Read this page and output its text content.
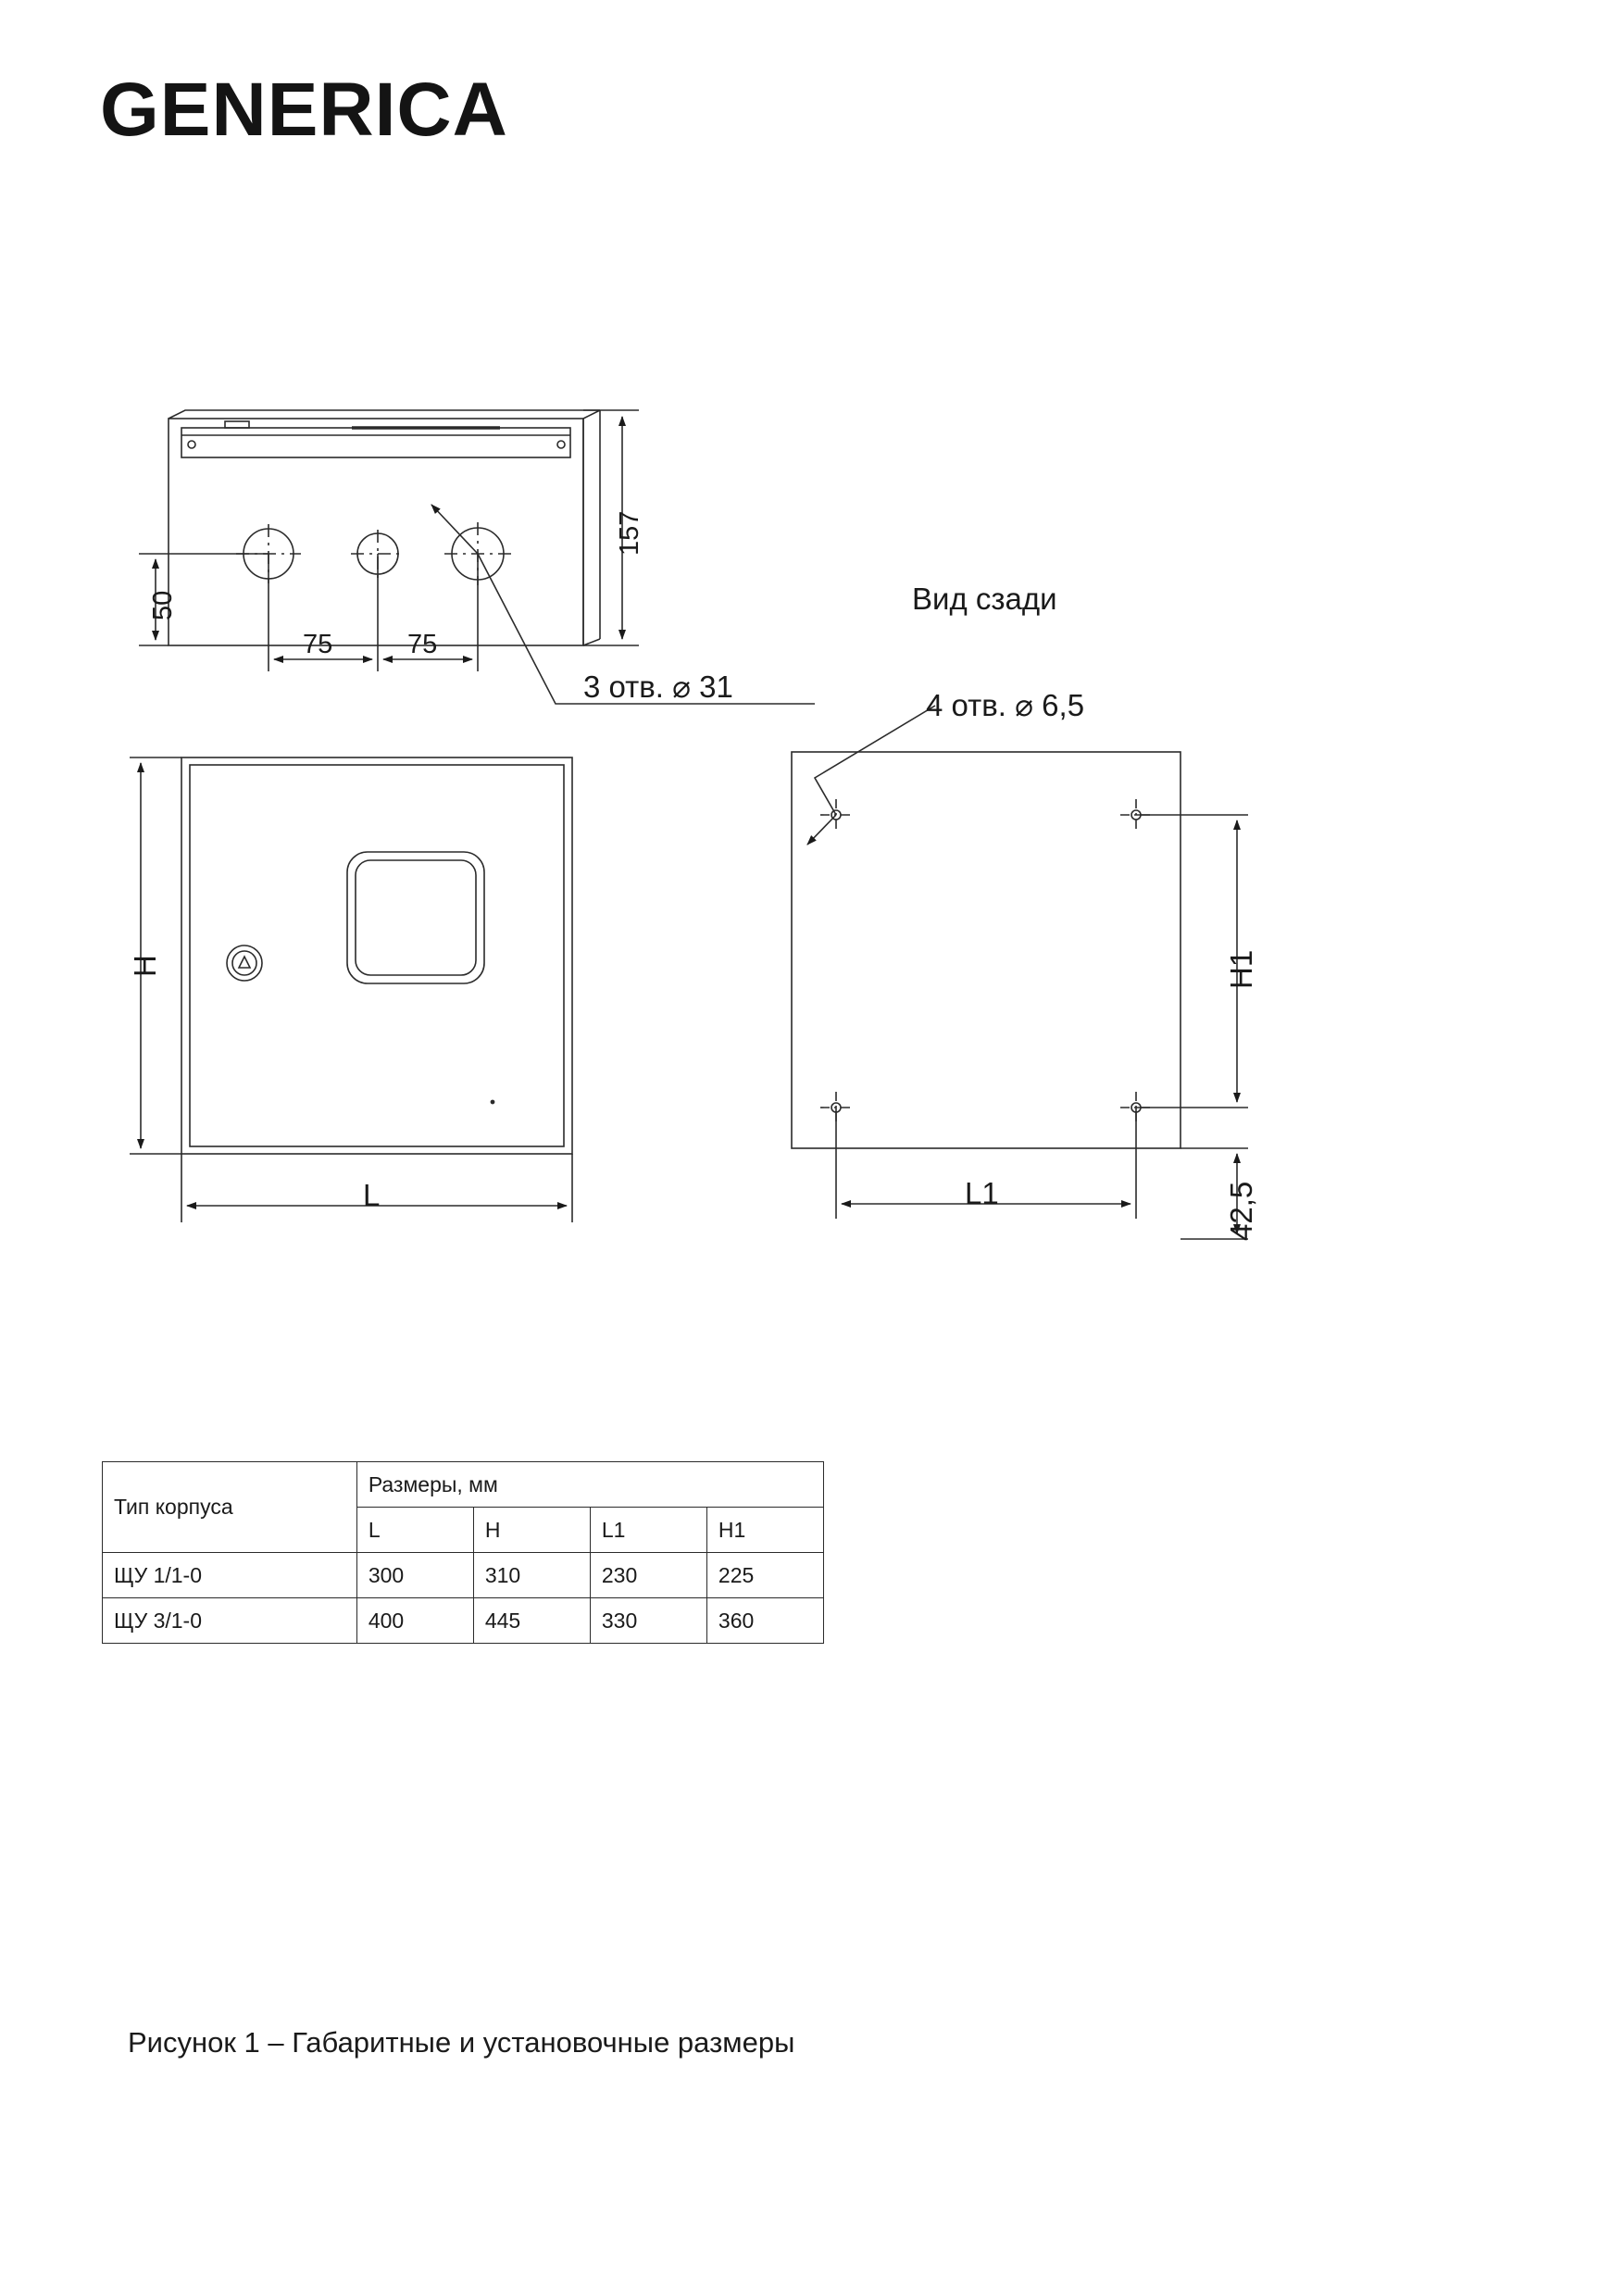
GENERICA
50
157
75	75
3 отв. ⌀ 31
Вид сзади
4 отв. ⌀ 6,5
H
L
H1
L1	42,5
Тип корпуса	Размеры, мм			
	L	H	L1	H1
ЩУ 1/1-0	300	310	230	225
ЩУ 3/1-0	400	445	330	360
Рисунок 1 – Габаритные и установочные размеры
